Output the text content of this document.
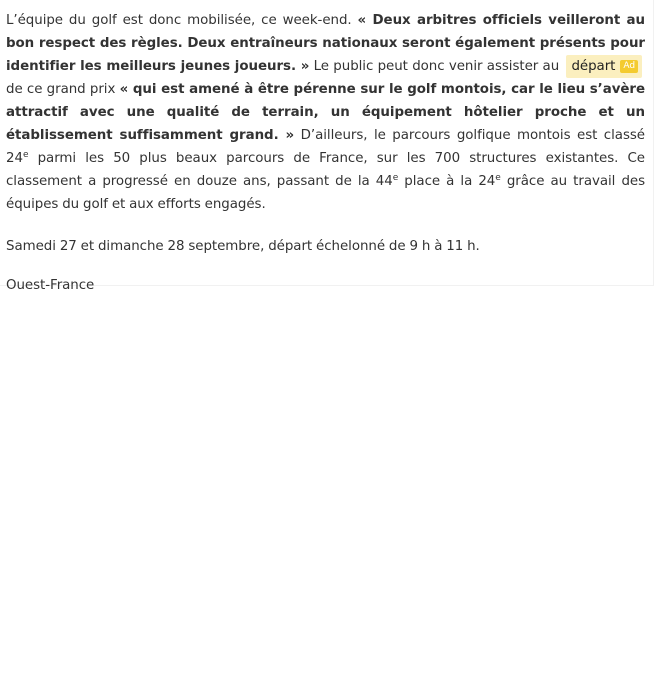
L’équipe du golf est donc mobilisée, ce week-end. « Deux arbitres officiels veilleront au bon respect des règles. Deux entraîneurs nationaux seront également présents pour identifier les meilleurs jeunes joueurs. » Le public peut donc venir assister au départ Ad de ce grand prix « qui est amené à être pérenne sur le golf montois, car le lieu s’avère attractif avec une qualité de terrain, un équipement hôtelier proche et un établissement suffisamment grand. » D’ailleurs, le parcours golfique montois est classé 24e parmi les 50 plus beaux parcours de France, sur les 700 structures existantes. Ce classement a progressé en douze ans, passant de la 44e place à la 24e grâce au travail des équipes du golf et aux efforts engagés.

Samedi 27 et dimanche 28 septembre, départ échelonné de 9 h à 11 h.

Ouest-France
